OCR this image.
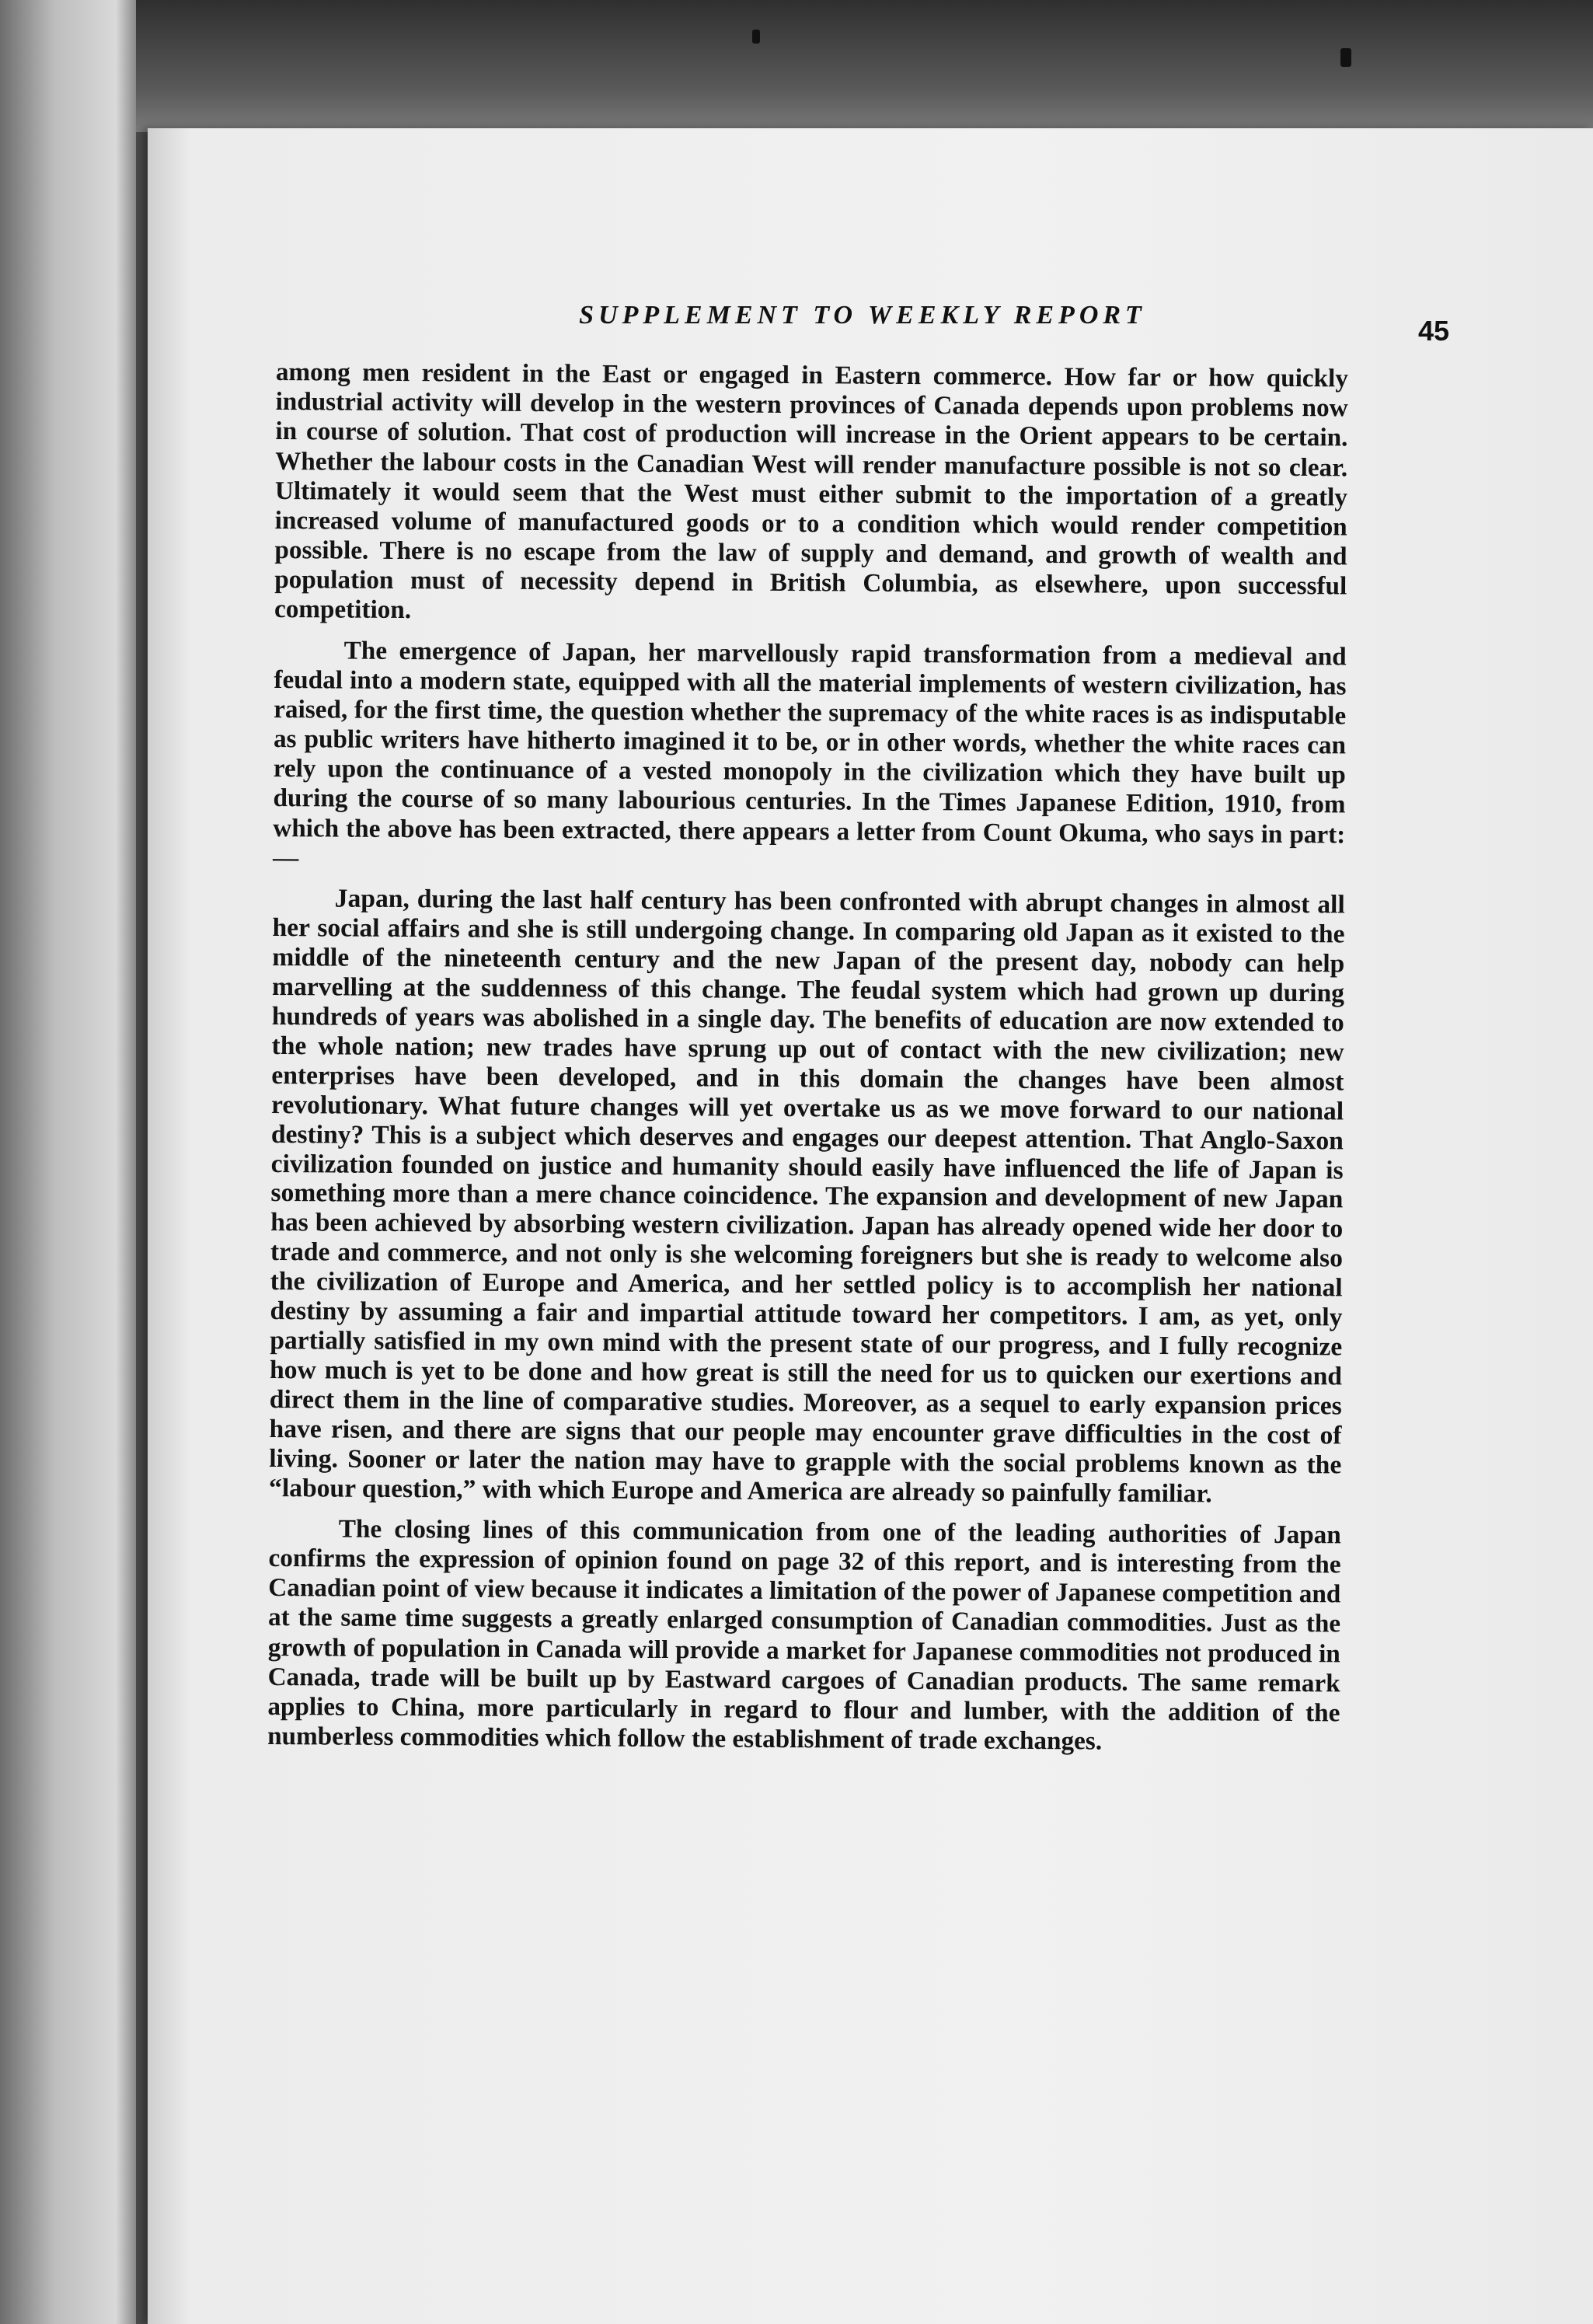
SUPPLEMENT TO WEEKLY REPORT	45

among men resident in the East or engaged in Eastern commerce. How far or how quickly industrial activity will develop in the western provinces of Canada depends upon problems now in course of solution. That cost of production will increase in the Orient appears to be certain. Whether the labour costs in the Canadian West will render manufacture possible is not so clear. Ultimately it would seem that the West must either submit to the importation of a greatly increased volume of manufactured goods or to a condition which would render competition possible. There is no escape from the law of supply and demand, and growth of wealth and population must of necessity depend in British Columbia, as elsewhere, upon successful competition.

The emergence of Japan, her marvellously rapid transformation from a medieval and feudal into a modern state, equipped with all the material implements of western civilization, has raised, for the first time, the question whether the supremacy of the white races is as indisputable as public writers have hitherto imagined it to be, or in other words, whether the white races can rely upon the continuance of a vested monopoly in the civilization which they have built up during the course of so many labourious centuries. In the Times Japanese Edition, 1910, from which the above has been extracted, there appears a letter from Count Okuma, who says in part:—

Japan, during the last half century has been confronted with abrupt changes in almost all her social affairs and she is still undergoing change. In comparing old Japan as it existed to the middle of the nineteenth century and the new Japan of the present day, nobody can help marvelling at the suddenness of this change. The feudal system which had grown up during hundreds of years was abolished in a single day. The benefits of education are now extended to the whole nation; new trades have sprung up out of contact with the new civilization; new enterprises have been developed, and in this domain the changes have been almost revolutionary. What future changes will yet overtake us as we move forward to our national destiny? This is a subject which deserves and engages our deepest attention. That Anglo-Saxon civilization founded on justice and humanity should easily have influenced the life of Japan is something more than a mere chance coincidence. The expansion and development of new Japan has been achieved by absorbing western civilization. Japan has already opened wide her door to trade and commerce, and not only is she welcoming foreigners but she is ready to welcome also the civilization of Europe and America, and her settled policy is to accomplish her national destiny by assuming a fair and impartial attitude toward her competitors. I am, as yet, only partially satisfied in my own mind with the present state of our progress, and I fully recognize how much is yet to be done and how great is still the need for us to quicken our exertions and direct them in the line of comparative studies. Moreover, as a sequel to early expansion prices have risen, and there are signs that our people may encounter grave difficulties in the cost of living. Sooner or later the nation may have to grapple with the social problems known as the “labour question,” with which Europe and America are already so painfully familiar.

The closing lines of this communication from one of the leading authorities of Japan confirms the expression of opinion found on page 32 of this report, and is interesting from the Canadian point of view because it indicates a limitation of the power of Japanese competition and at the same time suggests a greatly enlarged consumption of Canadian commodities. Just as the growth of population in Canada will provide a market for Japanese commodities not produced in Canada, trade will be built up by Eastward cargoes of Canadian products. The same remark applies to China, more particularly in regard to flour and lumber, with the addition of the numberless commodities which follow the establishment of trade exchanges.
